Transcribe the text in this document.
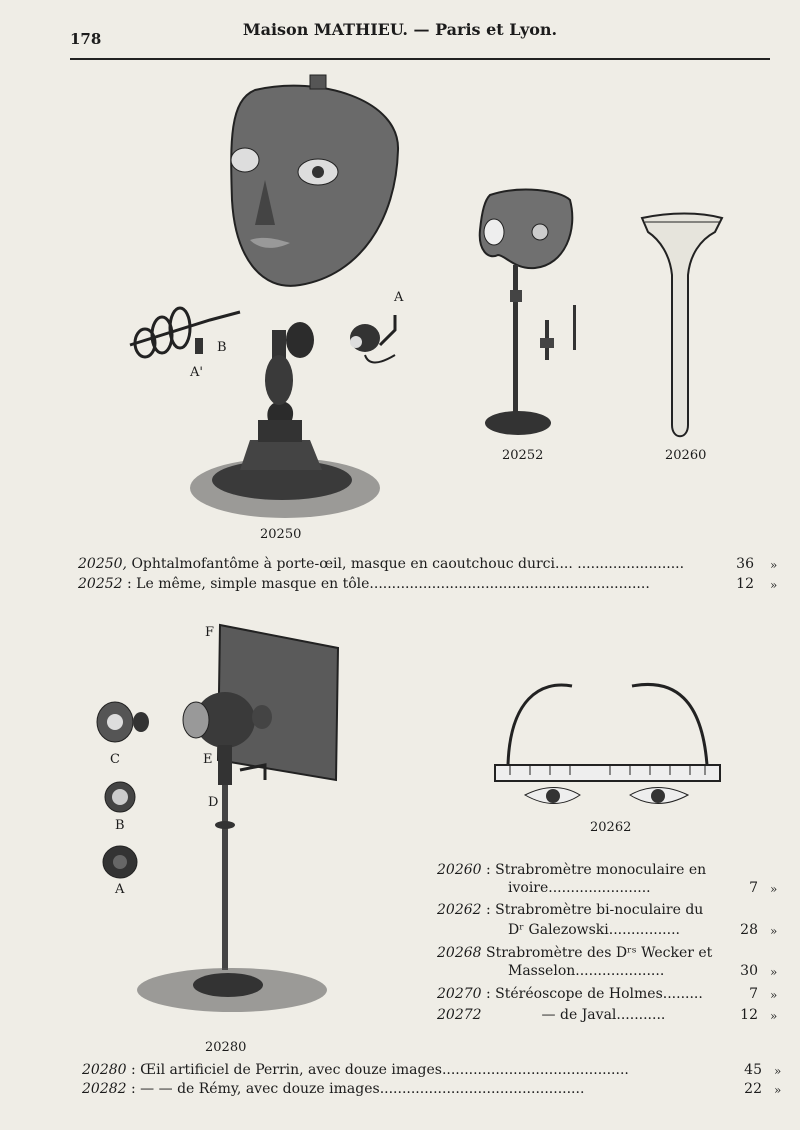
178	Maison MATHIEU. — Paris et Lyon.
A
A'
B
20250
20252	20260
20250, Ophtalmofantôme à porte-œil, masque en caoutchouc durci.... ........................	36 »
20252 : Le même, simple masque en tôle...............................................................	12 »
F
E
D
C
B
A
20280
20262
20260 : Strabromètre monoculaire en
ivoire.......................	7 »
20262 : Strabromètre bi-noculaire du
Dʳ Galezowski................	28 »
20268 Strabromètre des Dʳˢ Wecker et
Masselon....................	30 »
20270 : Stéréoscope de Holmes.........	7 »
20272	— de Javal...........	12 »
20280 : Œil artificiel de Perrin, avec douze images..........................................	45 »
20282 : — — de Rémy, avec douze images..............................................	22 »
